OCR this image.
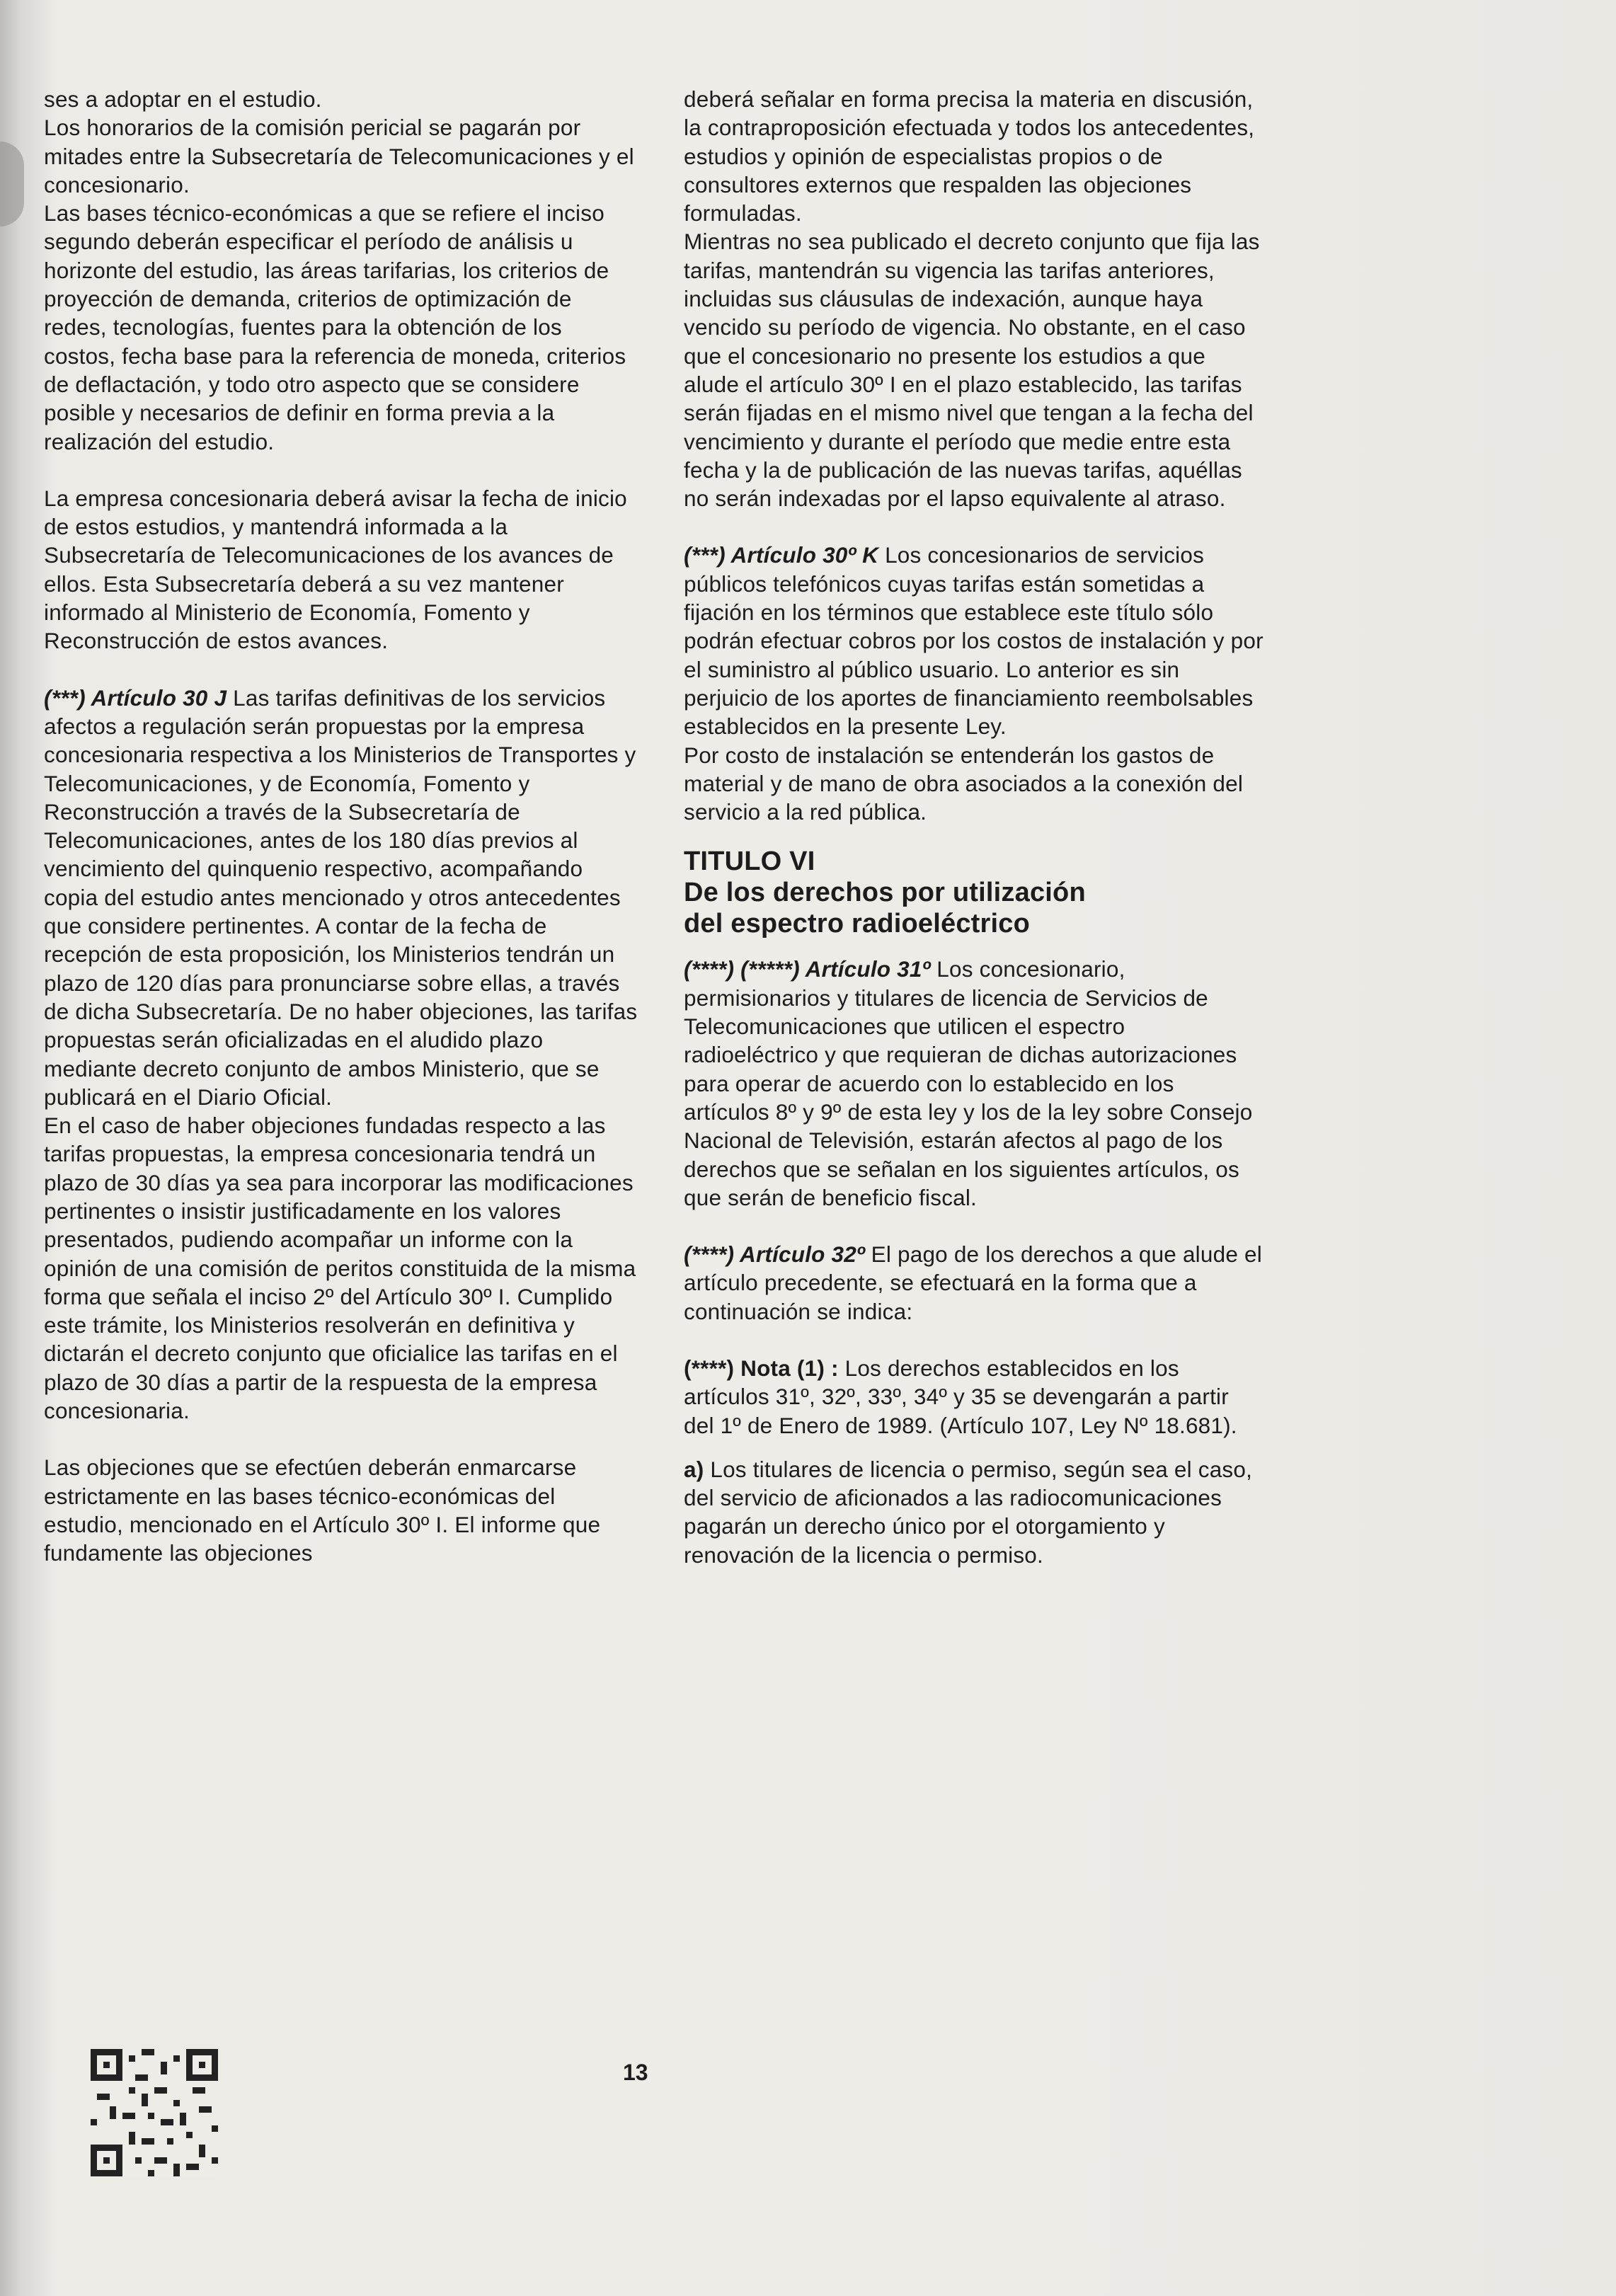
ses a adoptar en el estudio.

Los honorarios de la comisión pericial se pagarán por mitades entre la Subsecretaría de Telecomunicaciones y el concesionario.

Las bases técnico-económicas a que se refiere el inciso segundo deberán especificar el período de análisis u horizonte del estudio, las áreas tarifarias, los criterios de proyección de demanda, criterios de optimización de redes, tecnologías, fuentes para la obtención de los costos, fecha base para la referencia de moneda, criterios de deflactación, y todo otro aspecto que se considere posible y necesarios de definir en forma previa a la realización del estudio.

La empresa concesionaria deberá avisar la fecha de inicio de estos estudios, y mantendrá informada a la Subsecretaría de Telecomunicaciones de los avances de ellos. Esta Subsecretaría deberá a su vez mantener informado al Ministerio de Economía, Fomento y Reconstrucción de estos avances.

(***) Artículo 30 J Las tarifas definitivas de los servicios afectos a regulación serán propuestas por la empresa concesionaria respectiva a los Ministerios de Transportes y Telecomunicaciones, y de Economía, Fomento y Reconstrucción a través de la Subsecretaría de Telecomunicaciones, antes de los 180 días previos al vencimiento del quinquenio respectivo, acompañando copia del estudio antes mencionado y otros antecedentes que considere pertinentes. A contar de la fecha de recepción de esta proposición, los Ministerios tendrán un plazo de 120 días para pronunciarse sobre ellas, a través de dicha Subsecretaría. De no haber objeciones, las tarifas propuestas serán oficializadas en el aludido plazo mediante decreto conjunto de ambos Ministerio, que se publicará en el Diario Oficial.

En el caso de haber objeciones fundadas respecto a las tarifas propuestas, la empresa concesionaria tendrá un plazo de 30 días ya sea para incorporar las modificaciones pertinentes o insistir justificadamente en los valores presentados, pudiendo acompañar un informe con la opinión de una comisión de peritos constituida de la misma forma que señala el inciso 2º del Artículo 30º I. Cumplido este trámite, los Ministerios resolverán en definitiva y dictarán el decreto conjunto que oficialice las tarifas en el plazo de 30 días a partir de la respuesta de la empresa concesionaria.

Las objeciones que se efectúen deberán enmarcarse estrictamente en las bases técnico-económicas del estudio, mencionado en el Artículo 30º I. El informe que fundamente las objeciones

deberá señalar en forma precisa la materia en discusión, la contraproposición efectuada y todos los antecedentes, estudios y opinión de especialistas propios o de consultores externos que respalden las objeciones formuladas.

Mientras no sea publicado el decreto conjunto que fija las tarifas, mantendrán su vigencia las tarifas anteriores, incluidas sus cláusulas de indexación, aunque haya vencido su período de vigencia. No obstante, en el caso que el concesionario no presente los estudios a que alude el artículo 30º I en el plazo establecido, las tarifas serán fijadas en el mismo nivel que tengan a la fecha del vencimiento y durante el período que medie entre esta fecha y la de publicación de las nuevas tarifas, aquéllas no serán indexadas por el lapso equivalente al atraso.

(***) Artículo 30º K Los concesionarios de servicios públicos telefónicos cuyas tarifas están sometidas a fijación en los términos que establece este título sólo podrán efectuar cobros por los costos de instalación y por el suministro al público usuario. Lo anterior es sin perjuicio de los aportes de financiamiento reembolsables establecidos en la presente Ley.

Por costo de instalación se entenderán los gastos de material y de mano de obra asociados a la conexión del servicio a la red pública.

TITULO VI
De los derechos por utilización
del espectro radioeléctrico

(****) (*****) Artículo 31º Los concesionario, permisionarios y titulares de licencia de Servicios de Telecomunicaciones que utilicen el espectro radioeléctrico y que requieran de dichas autorizaciones para operar de acuerdo con lo establecido en los artículos 8º y 9º de esta ley y los de la ley sobre Consejo Nacional de Televisión, estarán afectos al pago de los derechos que se señalan en los siguientes artículos, os que serán de beneficio fiscal.

(****) Artículo 32º El pago de los derechos a que alude el artículo precedente, se efectuará en la forma que a continuación se indica:

(****) Nota (1) : Los derechos establecidos en los artículos 31º, 32º, 33º, 34º y 35 se devengarán a partir del 1º de Enero de 1989. (Artículo 107, Ley Nº 18.681).

a) Los titulares de licencia o permiso, según sea el caso, del servicio de aficionados a las radiocomunicaciones pagarán un derecho único por el otorgamiento y renovación de la licencia o permiso.

13
